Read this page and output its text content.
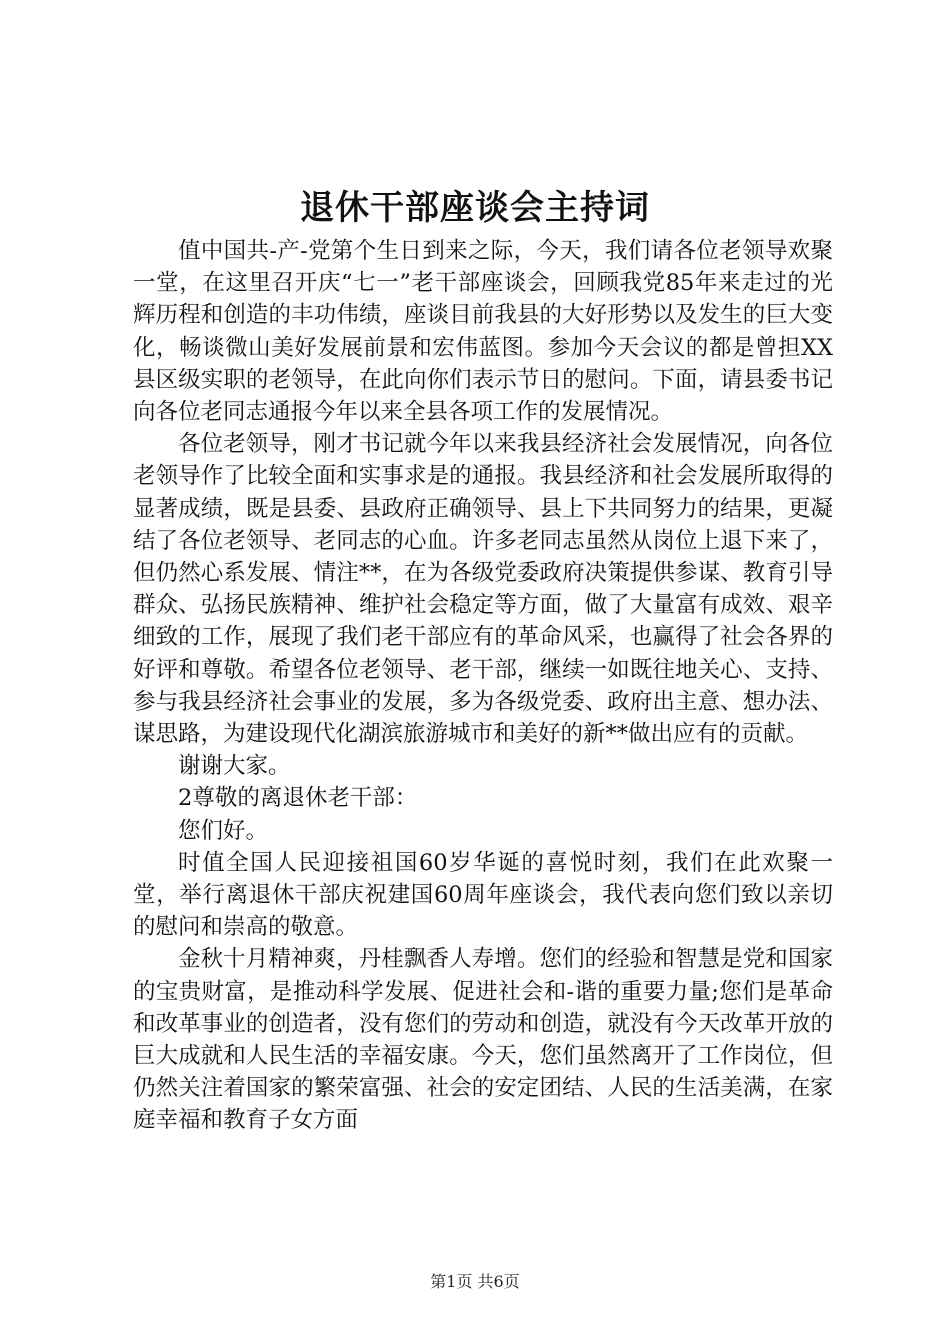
退休干部座谈会主持词

值中国共-产-党第个生日到来之际，今天，我们请各位老领导欢聚一堂，在这里召开庆“七一”老干部座谈会，回顾我党85年来走过的光辉历程和创造的丰功伟绩，座谈目前我县的大好形势以及发生的巨大变化，畅谈微山美好发展前景和宏伟蓝图。参加今天会议的都是曾担XX县区级实职的老领导，在此向你们表示节日的慰问。下面，请县委书记向各位老同志通报今年以来全县各项工作的发展情况。

各位老领导，刚才书记就今年以来我县经济社会发展情况，向各位老领导作了比较全面和实事求是的通报。我县经济和社会发展所取得的显著成绩，既是县委、县政府正确领导、县上下共同努力的结果，更凝结了各位老领导、老同志的心血。许多老同志虽然从岗位上退下来了，但仍然心系发展、情注**，在为各级党委政府决策提供参谋、教育引导群众、弘扬民族精神、维护社会稳定等方面，做了大量富有成效、艰辛细致的工作，展现了我们老干部应有的革命风采，也赢得了社会各界的好评和尊敬。希望各位老领导、老干部，继续一如既往地关心、支持、参与我县经济社会事业的发展，多为各级党委、政府出主意、想办法、谋思路，为建设现代化湖滨旅游城市和美好的新**做出应有的贡献。

谢谢大家。

2尊敬的离退休老干部：

您们好。

时值全国人民迎接祖国60岁华诞的喜悦时刻，我们在此欢聚一堂，举行离退休干部庆祝建国60周年座谈会，我代表向您们致以亲切的慰问和崇高的敬意。

金秋十月精神爽，丹桂飘香人寿增。您们的经验和智慧是党和国家的宝贵财富，是推动科学发展、促进社会和-谐的重要力量;您们是革命和改革事业的创造者，没有您们的劳动和创造，就没有今天改革开放的巨大成就和人民生活的幸福安康。今天，您们虽然离开了工作岗位，但仍然关注着国家的繁荣富强、社会的安定团结、人民的生活美满，在家庭幸福和教育子女方面

第1页 共6页
